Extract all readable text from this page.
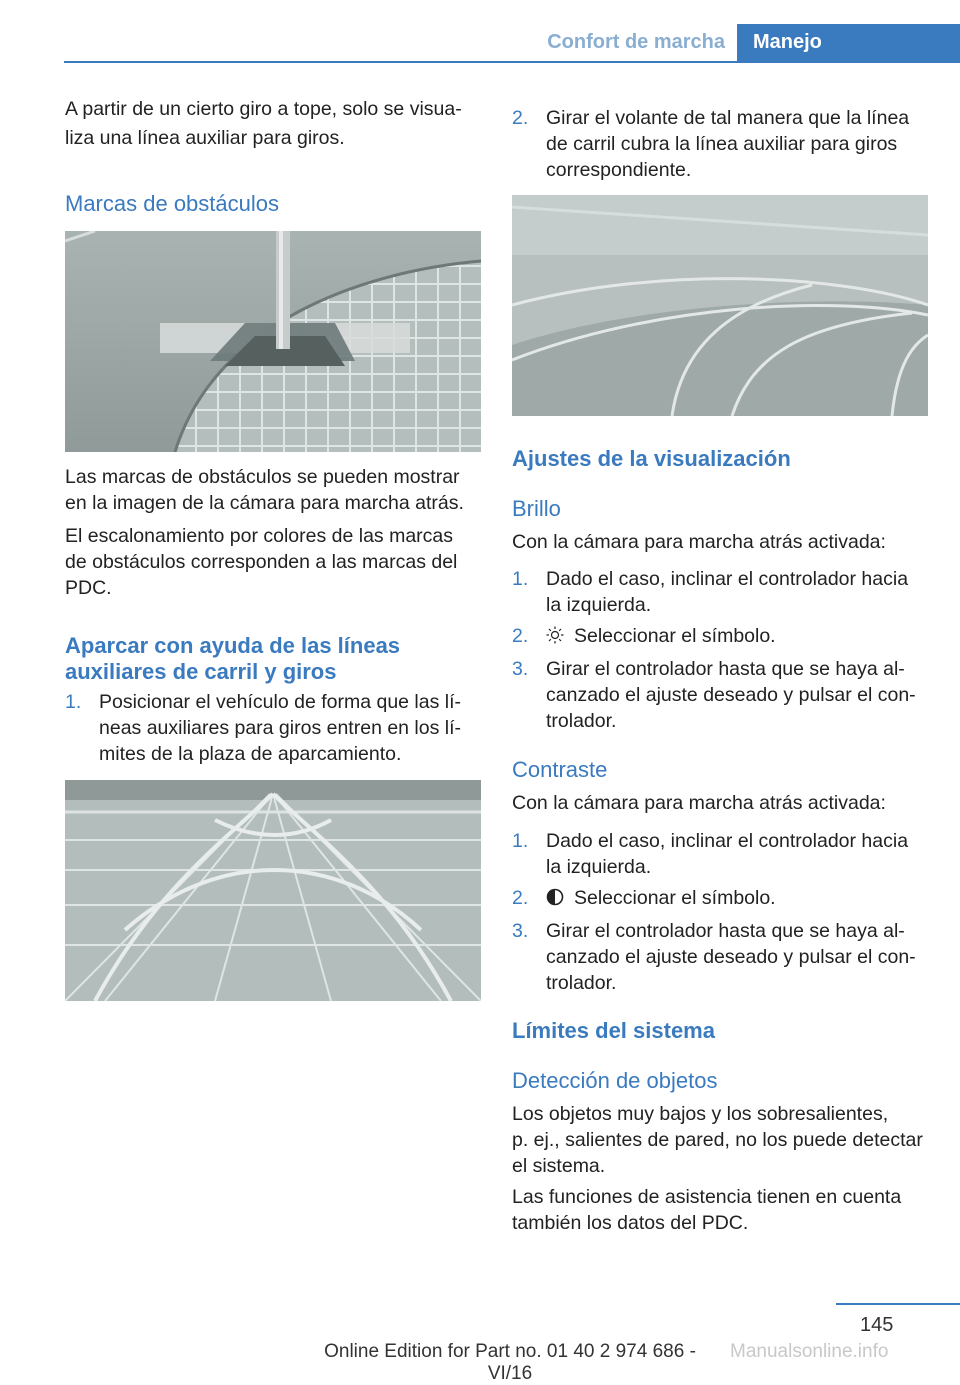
Confort de marcha	Manejo

A partir de un cierto giro a tope, solo se visua-

liza una línea auxiliar para giros.

Marcas de obstáculos

Las marcas de obstáculos se pueden mostrar

en la imagen de la cámara para marcha atrás.

El escalonamiento por colores de las marcas

de obstáculos corresponden a las marcas del

PDC.

Aparcar con ayuda de las líneas
auxiliares de carril y giros
1. Posicionar el vehículo de forma que las lí-
neas auxiliares para giros entren en los lí-
mites de la plaza de aparcamiento.
2. Girar el volante de tal manera que la línea
de carril cubra la línea auxiliar para giros
correspondiente.
Ajustes de la visualización
Brillo

Con la cámara para marcha atrás activada:

1. Dado el caso, inclinar el controlador hacia
la izquierda.
2.	Seleccionar el símbolo.
3. Girar el controlador hasta que se haya al-
canzado el ajuste deseado y pulsar el con-
trolador.
Contraste

Con la cámara para marcha atrás activada:

1. Dado el caso, inclinar el controlador hacia
la izquierda.
2.	Seleccionar el símbolo.
3. Girar el controlador hasta que se haya al-
canzado el ajuste deseado y pulsar el con-
trolador.
Límites del sistema
Detección de objetos

Los objetos muy bajos y los sobresalientes,

p. ej., salientes de pared, no los puede detectar

el sistema.

Las funciones de asistencia tienen en cuenta

también los datos del PDC.

145
Online Edition for Part no. 01 40 2 974 686 - VI/16
Manualsonline.info
